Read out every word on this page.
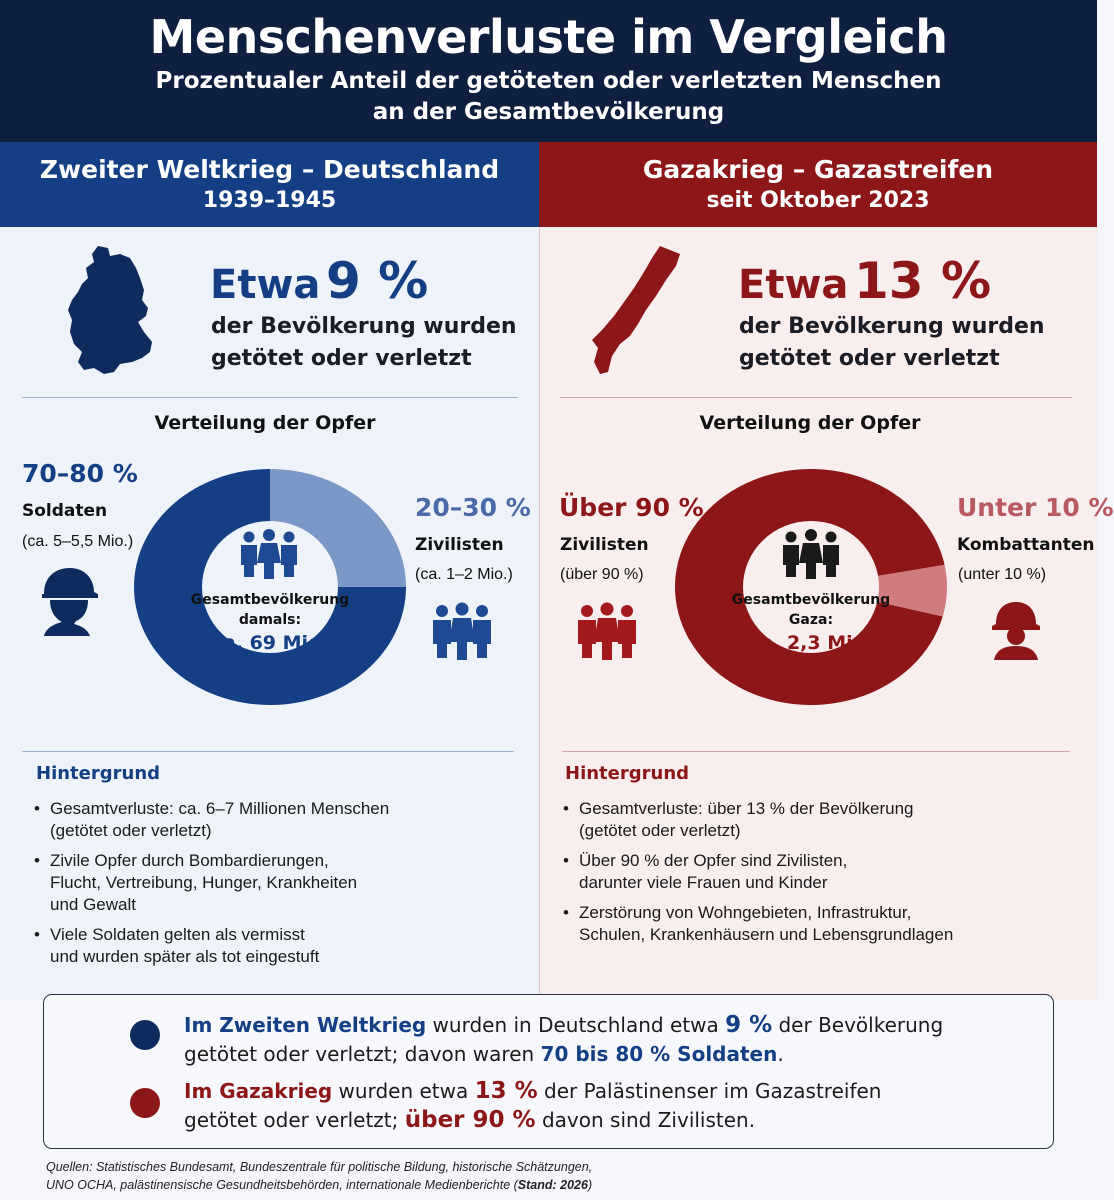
Menschenverluste im Vergleich
Prozentualer Anteil der getöteten oder verletzten Menschen
an der Gesamtbevölkerung
Zweiter Weltkrieg – Deutschland
1939–1945
Gazakrieg – Gazastreifen
seit Oktober 2023
Etwa 9 %
der Bevölkerung wurden
getötet oder verletzt
Verteilung der Opfer
70–80 %
Soldaten
(ca. 5–5,5 Mio.)
20–30 %
Zivilisten
(ca. 1–2 Mio.)
Gesamtbevölkerung
damals:
ca. 69 Mio.
Hintergrund
• Gesamtverluste: ca. 6–7 Millionen Menschen
(getötet oder verletzt)
• Zivile Opfer durch Bombardierungen,
Flucht, Vertreibung, Hunger, Krankheiten
und Gewalt
• Viele Soldaten gelten als vermisst
und wurden später als tot eingestuft
Etwa 13 %
der Bevölkerung wurden
getötet oder verletzt
Verteilung der Opfer
Über 90 %
Zivilisten
(über 90 %)
Unter 10 %
Kombattanten
(unter 10 %)
Gesamtbevölkerung
Gaza:
ca. 2,3 Mio.
Hintergrund
• Gesamtverluste: über 13 % der Bevölkerung
(getötet oder verletzt)
• Über 90 % der Opfer sind Zivilisten,
darunter viele Frauen und Kinder
• Zerstörung von Wohngebieten, Infrastruktur,
Schulen, Krankenhäusern und Lebensgrundlagen
Im Zweiten Weltkrieg wurden in Deutschland etwa 9 % der Bevölkerung
getötet oder verletzt; davon waren 70 bis 80 % Soldaten.
Im Gazakrieg wurden etwa 13 % der Palästinenser im Gazastreifen
getötet oder verletzt; über 90 % davon sind Zivilisten.
Quellen: Statistisches Bundesamt, Bundeszentrale für politische Bildung, historische Schätzungen,
UNO OCHA, palästinensische Gesundheitsbehörden, internationale Medienberichte (Stand: 2026)
